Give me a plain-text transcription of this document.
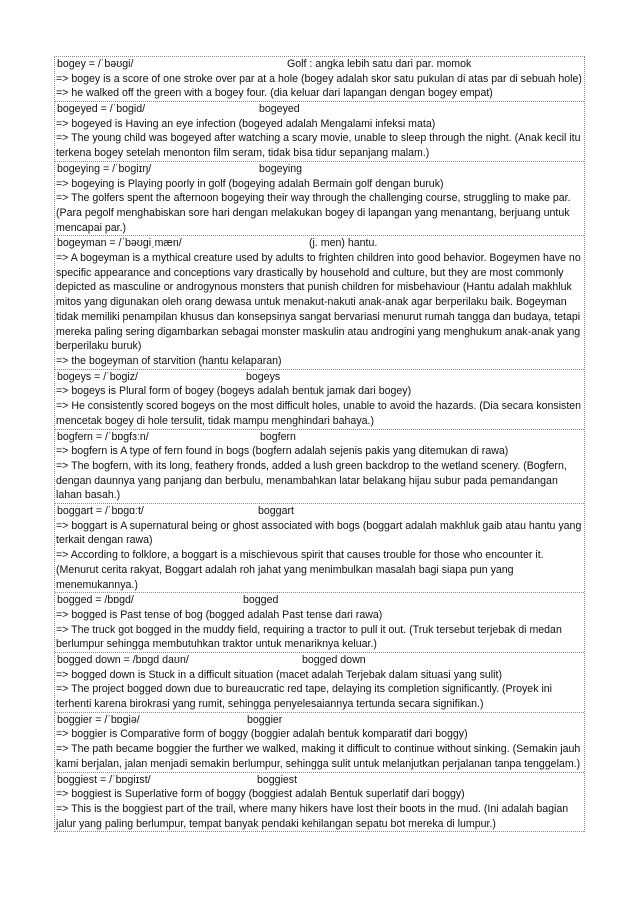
bogey = /ˈbəʊgi/	Golf : angka lebih satu dari par. momok
=> bogey is a score of one stroke over par at a hole (bogey adalah skor satu pukulan di atas par di sebuah hole)
=> he walked off the green with a bogey four. (dia keluar dari lapangan dengan bogey empat)
bogeyed = /ˈbogid/	bogeyed
=> bogeyed is Having an eye infection (bogeyed adalah Mengalami infeksi mata)
=> The young child was bogeyed after watching a scary movie, unable to sleep through the night. (Anak kecil itu terkena bogey setelah menonton film seram, tidak bisa tidur sepanjang malam.)
bogeying = /ˈbogiɪŋ/	bogeying
=> bogeying is Playing poorly in golf (bogeying adalah Bermain golf dengan buruk)
=> The golfers spent the afternoon bogeying their way through the challenging course, struggling to make par. (Para pegolf menghabiskan sore hari dengan melakukan bogey di lapangan yang menantang, berjuang untuk mencapai par.)
bogeyman = /ˈbəʊgiˌmæn/	(j. men) hantu.
=> A bogeyman is a mythical creature used by adults to frighten children into good behavior. Bogeymen have no specific appearance and conceptions vary drastically by household and culture, but they are most commonly depicted as masculine or androgynous monsters that punish children for misbehaviour (Hantu adalah makhluk mitos yang digunakan oleh orang dewasa untuk menakut-nakuti anak-anak agar berperilaku baik. Bogeyman tidak memiliki penampilan khusus dan konsepsinya sangat bervariasi menurut rumah tangga dan budaya, tetapi mereka paling sering digambarkan sebagai monster maskulin atau androgini yang menghukum anak-anak yang berperilaku buruk)
=> the bogeyman of starvition (hantu kelaparan)
bogeys = /ˈbogiz/	bogeys
=> bogeys is Plural form of bogey (bogeys adalah bentuk jamak dari bogey)
=> He consistently scored bogeys on the most difficult holes, unable to avoid the hazards. (Dia secara konsisten mencetak bogey di hole tersulit, tidak mampu menghindari bahaya.)
bogfern = /ˈbɒgfɜːn/	bogfern
=> bogfern is A type of fern found in bogs (bogfern adalah sejenis pakis yang ditemukan di rawa)
=> The bogfern, with its long, feathery fronds, added a lush green backdrop to the wetland scenery. (Bogfern, dengan daunnya yang panjang dan berbulu, menambahkan latar belakang hijau subur pada pemandangan lahan basah.)
boggart = /ˈbɒgɑːt/	boggart
=> boggart is A supernatural being or ghost associated with bogs (boggart adalah makhluk gaib atau hantu yang terkait dengan rawa)
=> According to folklore, a boggart is a mischievous spirit that causes trouble for those who encounter it. (Menurut cerita rakyat, Boggart adalah roh jahat yang menimbulkan masalah bagi siapa pun yang menemukannya.)
bogged = /bɒgd/	bogged
=> bogged is Past tense of bog (bogged adalah Past tense dari rawa)
=> The truck got bogged in the muddy field, requiring a tractor to pull it out. (Truk tersebut terjebak di medan berlumpur sehingga membutuhkan traktor untuk menariknya keluar.)
bogged down = /bɒgd daʊn/	bogged down
=> bogged down is Stuck in a difficult situation (macet adalah Terjebak dalam situasi yang sulit)
=> The project bogged down due to bureaucratic red tape, delaying its completion significantly. (Proyek ini terhenti karena birokrasi yang rumit, sehingga penyelesaiannya tertunda secara signifikan.)
boggier = /ˈbɒgiə/	boggier
=> boggier is Comparative form of boggy (boggier adalah bentuk komparatif dari boggy)
=> The path became boggier the further we walked, making it difficult to continue without sinking. (Semakin jauh kami berjalan, jalan menjadi semakin berlumpur, sehingga sulit untuk melanjutkan perjalanan tanpa tenggelam.)
boggiest = /ˈbɒgiɪst/	boggiest
=> boggiest is Superlative form of boggy (boggiest adalah Bentuk superlatif dari boggy)
=> This is the boggiest part of the trail, where many hikers have lost their boots in the mud. (Ini adalah bagian jalur yang paling berlumpur, tempat banyak pendaki kehilangan sepatu bot mereka di lumpur.)
